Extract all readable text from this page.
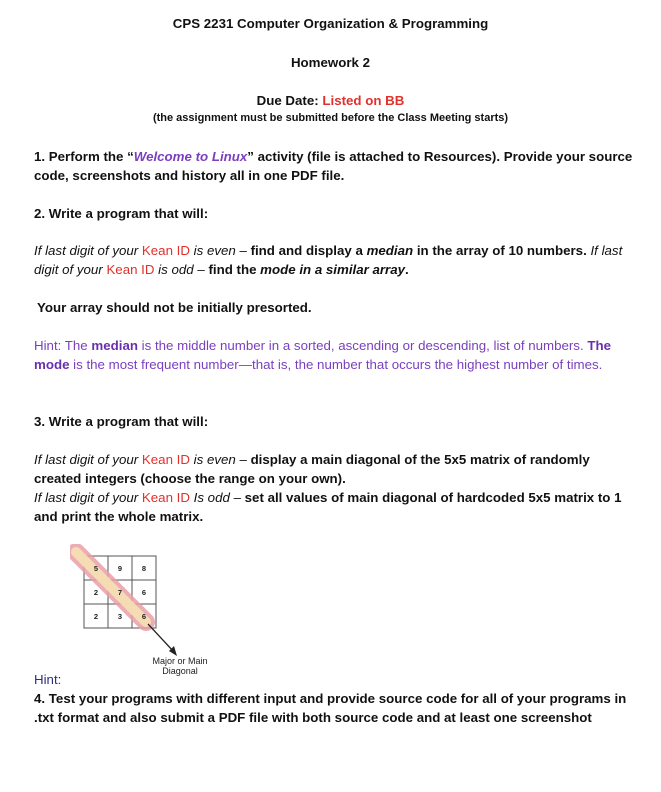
CPS 2231 Computer Organization & Programming

Homework 2

Due Date: Listed on BB

(the assignment must be submitted before the Class Meeting starts)

1. Perform the “Welcome to Linux” activity (file is attached to Resources). Provide your source code, screenshots and history all in one PDF file.

2. Write a program that will:

If last digit of your Kean ID is even – find and display a median in the array of 10 numbers. If last digit of your Kean ID is odd – find the mode in a similar array.

Your array should not be initially presorted.

Hint: The median is the middle number in a sorted, ascending or descending, list of numbers. The mode is the most frequent number—that is, the number that occurs the highest number of times.

3. Write a program that will:

If last digit of your Kean ID is even – display a main diagonal of the 5x5 matrix of randomly created integers (choose the range on your own).

If last digit of your Kean ID Is odd – set all values of main diagonal of hardcoded 5x5 matrix to 1 and print the whole matrix.

5	9	8
2	7	6
2	3	6
Major or Main
Diagonal

Hint:

4. Test your programs with different input and provide source code for all of your programs in .txt format and also submit a PDF file with both source code and at least one screenshot
